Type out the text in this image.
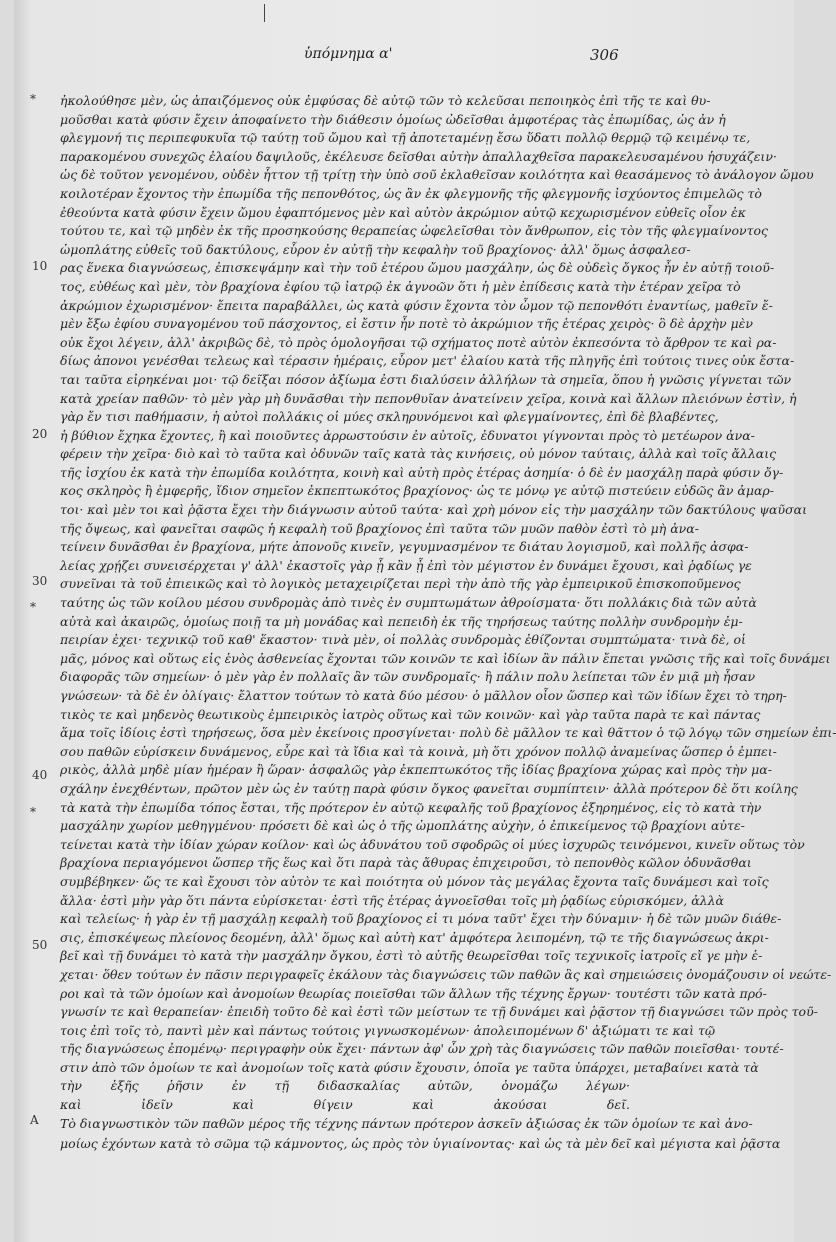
ὑπόμνημα α'	306
*
*
*
Α
10
20
30
40
50

ἠκολούθησε μὲν, ὡς ἀπαιζόμενος οὐκ ἐμφύσας δὲ αὐτῷ τῶν τὸ κελεῦσαι πεποιηκὸς ἐπὶ τῆς τε καὶ θυ-

μοῦσθαι κατὰ φύσιν ἔχειν ἀποφαίνετο τὴν διάθεσιν ὁμοίως ὠδεῖσθαι ἀμφοτέρας τὰς ἐπωμίδας, ὡς ἀν ἡ

φλεγμονή τις περιπεφυκυῖα τῷ ταύτῃ τοῦ ὤμου καὶ τῇ ἀποτεταμένῃ ἔσω ὕδατι πολλῷ θερμῷ τῷ κειμένῳ τε,

παρακομένου συνεχῶς ἐλαίου δαψιλοῦς, ἐκέλευσε δεῖσθαι αὐτὴν ἀπαλλαχθεῖσα παρακελευσαμένου ἡσυχάζειν·

ὡς δὲ τοῦτον γενομένου, οὐδὲν ἧττον τῇ τρίτῃ τὴν ὑπὸ σοῦ ἐκλαθεῖσαν κοιλότητα καὶ θεασάμενος τὸ ἀνάλογον ὤμου

κοιλοτέραν ἔχοντος τὴν ἐπωμίδα τῆς πεπονθότος, ὡς ἂν ἐκ φλεγμονῆς τῆς φλεγμονῆς ἰσχύοντος ἐπιμελῶς τὸ

ἐθεούντα κατὰ φύσιν ἔχειν ὤμου ἐφαπτόμενος μὲν καὶ αὐτὸν ἀκρώμιον αὐτῷ κεχωρισμένον εὐθεῖς οἷον ἐκ

τούτου τε, καὶ τῷ μηδὲν ἐκ τῆς προσηκούσης θεραπείας ὠφελεῖσθαι τὸν ἄνθρωπον, εἰς τὸν τῆς φλεγμαίνοντος

ὠμοπλάτης εὐθεῖς τοῦ δακτύλους, εὗρον ἐν αὐτῇ τὴν κεφαλὴν τοῦ βραχίονος· ἀλλ' ὅμως ἀσφαλεσ-

ρας ἕνεκα διαγνώσεως, ἐπισκεψάμην καὶ τὴν τοῦ ἑτέρου ὤμου μασχάλην, ὡς δὲ οὐδεὶς ὄγκος ἦν ἐν αὐτῇ τοιοῦ-

τος, εὐθέως καὶ μὲν, τὸν βραχίονα ἐφίου τῷ ἰατρῷ ἐκ ἀγνοῶν ὅτι ἡ μὲν ἐπίδεσις κατὰ τὴν ἑτέραν χεῖρα τὸ

ἀκρώμιον ἐχωρισμένον· ἔπειτα παραβάλλει, ὡς κατὰ φύσιν ἔχοντα τὸν ὦμον τῷ πεπονθότι ἐναντίως, μαθεῖν ἔ-

μὲν ἔξω ἐφίου συναγομένου τοῦ πάσχοντος, εἰ ἔστιν ἦν ποτὲ τὸ ἀκρώμιον τῆς ἑτέρας χειρὸς· ὃ δὲ ἀρχὴν μὲν

οὐκ ἔχοι λέγειν, ἀλλ' ἀκριβῶς δὲ, τὸ πρὸς ὁμολογῆσαι τῷ σχήματος ποτὲ αὐτὸν ἐκπεσόντα τὸ ἄρθρον τε καὶ ρα-

δίως ἀπονοι γενέσθαι τελεως καὶ τέρασιν ἡμέραις, εὗρον μετ' ἐλαίου κατὰ τῆς πληγῆς ἐπὶ τούτοις τινες οὐκ ἔστα-

ται ταῦτα εἰρηκέναι μοι· τῷ δεῖξαι πόσον ἀξίωμα ἐστι διαλύσειν ἀλλήλων τὰ σημεῖα, ὅπου ἡ γνῶσις γίγνεται τῶν

κατὰ χρείαν παθῶν· τὸ μὲν γὰρ μὴ δυνᾶσθαι τὴν πεπονθυῖαν ἀνατείνειν χεῖρα, κοινὰ καὶ ἄλλων πλειόνων ἐστὶν, ἡ

γὰρ ἔν τισι παθήμασιν, ἡ αὐτοὶ πολλάκις οἱ μύες σκληρυνόμενοι καὶ φλεγμαίνοντες, ἐπὶ δὲ βλαβέντες,

ἡ βύθιον ἔχηκα ἔχοντες, ἢ καὶ ποιοῦντες ἀρρωστούσιν ἐν αὐτοῖς, ἐδυνατοι γίγνονται πρὸς τὸ μετέωρον ἀνα-

φέρειν τὴν χεῖρα· διὸ καὶ τὸ ταῦτα καὶ ὀδυνῶν ταῖς κατὰ τὰς κινήσεις, οὐ μόνον ταύταις, ἀλλὰ καὶ τοῖς ἄλλαις

τῆς ἰσχίου ἐκ κατὰ τὴν ἐπωμίδα κοιλότητα, κοινὴ καὶ αὐτὴ πρὸς ἑτέρας ἀσημία· ὁ δὲ ἐν μασχάλῃ παρὰ φύσιν ὄγ-

κος σκληρὸς ἢ ἐμφερῆς, ἴδιον σημεῖον ἐκπεπτωκότος βραχίονος· ὡς τε μόνῳ γε αὐτῷ πιστεύειν εὐδῶς ἂν ἀμαρ-

τοι· καὶ μὲν τοι καὶ ῥᾷστα ἔχει τὴν διάγνωσιν αὐτοῦ ταύτα· καὶ χρὴ μόνον εἰς τὴν μασχάλην τῶν δακτύλους ψαῦσαι

τῆς ὄψεως, καὶ φανεῖται σαφῶς ἡ κεφαλὴ τοῦ βραχίονος ἐπὶ ταῦτα τῶν μυῶν παθὸν ἐστὶ τὸ μὴ ἀνα-

τείνειν δυνᾶσθαι ἐν βραχίονα, μήτε ἀπονοῦς κινεῖν, γεγυμνασμένον τε διάταυ λογισμοῦ, καὶ πολλῆς ἀσφα-

λείας χρῄζει συνεισέρχεται γ' ἀλλ' ἐκαστοῖς γὰρ ᾗ κἂν ᾗ ἐπὶ τὸν μέγιστον ἐν δυνάμει ἔχουσι, καὶ ῥᾳδίως γε

συνεῖναι τὰ τοῦ ἐπιεικῶς καὶ τὸ λογικὸς μεταχειρίζεται περὶ τὴν ἀπὸ τῆς γὰρ ἐμπειρικοῦ ἐπισκοποῦμενος

ταύτης ὡς τῶν κοίλου μέσου συνδρομὰς ἀπὸ τινὲς ἐν συμπτωμάτων ἀθροίσματα· ὅτι πολλάκις διὰ τῶν αὐτὰ

αὐτὰ καὶ ἀκαιρῶς, ὁμοίως ποιῇ τα μὴ μονάδας καὶ πεπειδὴ ἐκ τῆς τηρήσεως ταύτης πολλὴν συνδρομὴν ἐμ-

πειρίαν ἐχει· τεχνικῷ τοῦ καθ' ἕκαστον· τινὰ μὲν, οἱ πολλὰς συνδρομὰς ἐθίζονται συμπτώματα· τινὰ δὲ, οἱ

μᾶς, μόνος καὶ οὕτως εἰς ἑνὸς ἀσθενείας ἔχονται τῶν κοινῶν τε καὶ ἰδίων ἂν πάλιν ἔπεται γνῶσις τῆς καὶ τοῖς δυνάμει

διαφορᾶς τῶν σημείων· ὁ μὲν γὰρ ἐν πολλαῖς ἂν τῶν συνδρομαῖς· ἢ πάλιν πολυ λείπεται τῶν ἐν μιᾷ μὴ ἦσαν

γνώσεων· τὰ δὲ ἐν ὀλίγαις· ἔλαττον τούτων τὸ κατὰ δύο μέσου· ὁ μᾶλλον οἷον ὥσπερ καὶ τῶν ἰδίων ἔχει τὸ τηρη-

τικὸς τε καὶ μηδενὸς θεωτικοὺς ἐμπειρικὸς ἰατρὸς οὕτως καὶ τῶν κοινῶν· καὶ γὰρ ταῦτα παρὰ τε καὶ πάντας

ἅμα τοῖς ἰδίοις ἐστὶ τηρήσεως, ὅσα μὲν ἐκείνοις προσγίνεται· πολὺ δὲ μᾶλλον τε καὶ θᾶττον ὁ τῷ λόγῳ τῶν σημείων ἐπι-

σου παθῶν εὑρίσκειν δυνάμενος, εὗρε καὶ τὰ ἴδια καὶ τὰ κοινὰ, μὴ ὅτι χρόνον πολλῷ ἀναμείνας ὥσπερ ὁ ἐμπει-

ρικὸς, ἀλλὰ μηδὲ μίαν ἡμέραν ἢ ὥραν· ἀσφαλῶς γὰρ ἐκπεπτωκότος τῆς ἰδίας βραχίονα χώρας καὶ πρὸς τὴν μα-

σχάλην ἐνεχθέντων, πρῶτον μὲν ὡς ἐν ταύτῃ παρὰ φύσιν ὄγκος φανεῖται συμπίπτειν· ἀλλὰ πρότερον δὲ ὅτι κοίλης

τὰ κατὰ τὴν ἐπωμίδα τόπος ἔσται, τῆς πρότερον ἐν αὐτῷ κεφαλῆς τοῦ βραχίονος ἐξηρημένος, εἰς τὸ κατὰ τὴν

μασχάλην χωρίον μεθηγμένου· πρόσετι δὲ καὶ ὡς ὁ τῆς ὠμοπλάτης αὐχὴν, ὁ ἐπικείμενος τῷ βραχίονι αὐτε-

τείνεται κατὰ τὴν ἰδίαν χώραν κοίλον· καὶ ὡς ἀδυνάτου τοῦ σφοδρῶς οἱ μύες ἰσχυρῶς τεινόμενοι, κινεῖν οὕτως τὸν

βραχίονα περιαγόμενοι ὥσπερ τῆς ἕως καὶ ὅτι παρὰ τὰς ἄθυρας ἐπιχειροῦσι, τὸ πεπονθὸς κῶλον ὀδυνᾶσθαι

συμβέβηκεν· ὥς τε καὶ ἔχουσι τὸν αὐτὸν τε καὶ ποιότητα οὐ μόνον τὰς μεγάλας ἔχοντα ταῖς δυνάμεσι καὶ τοῖς

ἄλλα· ἐστὶ μὴν γὰρ ὅτι πάντα εὑρίσκεται· ἐστὶ τῆς ἑτέρας ἀγνοεῖσθαι τοῖς μὴ ῥᾳδίως εὑρισκόμεν, ἀλλὰ

καὶ τελείως· ἡ γὰρ ἐν τῇ μασχάλῃ κεφαλὴ τοῦ βραχίονος εἰ τι μόνα ταῦτ' ἔχει τὴν δύναμιν· ἡ δὲ τῶν μυῶν διάθε-

σις, ἐπισκέψεως πλείονος δεομένη, ἀλλ' ὅμως καὶ αὐτὴ κατ' ἀμφότερα λειπομένη, τῷ τε τῆς διαγνώσεως ἀκρι-

βεῖ καὶ τῇ δυνάμει τὸ κατὰ τὴν μασχάλην ὄγκου, ἐστὶ τὸ αὐτῆς θεωρεῖσθαι τοῖς τεχνικοῖς ἰατροῖς εἴ γε μὴν ἑ-

χεται· ὅθεν τούτων ἐν πᾶσιν περιγραφεῖς ἐκάλουν τὰς διαγνώσεις τῶν παθῶν ἃς καὶ σημειώσεις ὀνομάζουσιν οἱ νεώτε-

ροι καὶ τὰ τῶν ὁμοίων καὶ ἀνομοίων θεωρίας ποιεῖσθαι τῶν ἄλλων τῆς τέχνης ἔργων· τουτέστι τῶν κατὰ πρό-

γνωσίν τε καὶ θεραπείαν· ἐπειδὴ τοῦτο δὲ καὶ ἐστὶ τῶν μείστων τε τῇ δυνάμει καὶ ῥᾷστον τῇ διαγνώσει τῶν πρὸς τοῦ-

τοις ἐπὶ τοῖς τὸ, παντὶ μὲν καὶ πάντως τούτοις γιγνωσκομένων· ἀπολειπομένων δ' ἀξιώματι τε καὶ τῷ

τῆς διαγνώσεως ἐπομένῳ· περιγραφὴν οὐκ ἔχει· πάντων ἀφ' ὧν χρὴ τὰς διαγνώσεις τῶν παθῶν ποιεῖσθαι· τουτέ-

στιν ἀπὸ τῶν ὁμοίων τε καὶ ἀνομοίων τοῖς κατὰ φύσιν ἔχουσιν, ὁποῖα γε ταῦτα ὑπάρχει, μεταβαίνει κατὰ τὰ

τὴν ἑξῆς ῥῆσιν ἐν τῇ διδασκαλίας αὐτῶν, ὀνομάζω λέγων·

καὶ ἰδεῖν καὶ θίγειν καὶ ἀκούσαι δεῖ.

Τὸ διαγνωστικὸν τῶν παθῶν μέρος τῆς τέχνης πάντων πρότερον ἀσκεῖν ἀξιώσας ἐκ τῶν ὁμοίων τε καὶ ἀνο-

μοίως ἐχόντων κατὰ τὸ σῶμα τῷ κάμνοντος, ὡς πρὸς τὸν ὑγιαίνοντας· καὶ ὡς τὰ μὲν δεῖ καὶ μέγιστα καὶ ῥᾷστα
